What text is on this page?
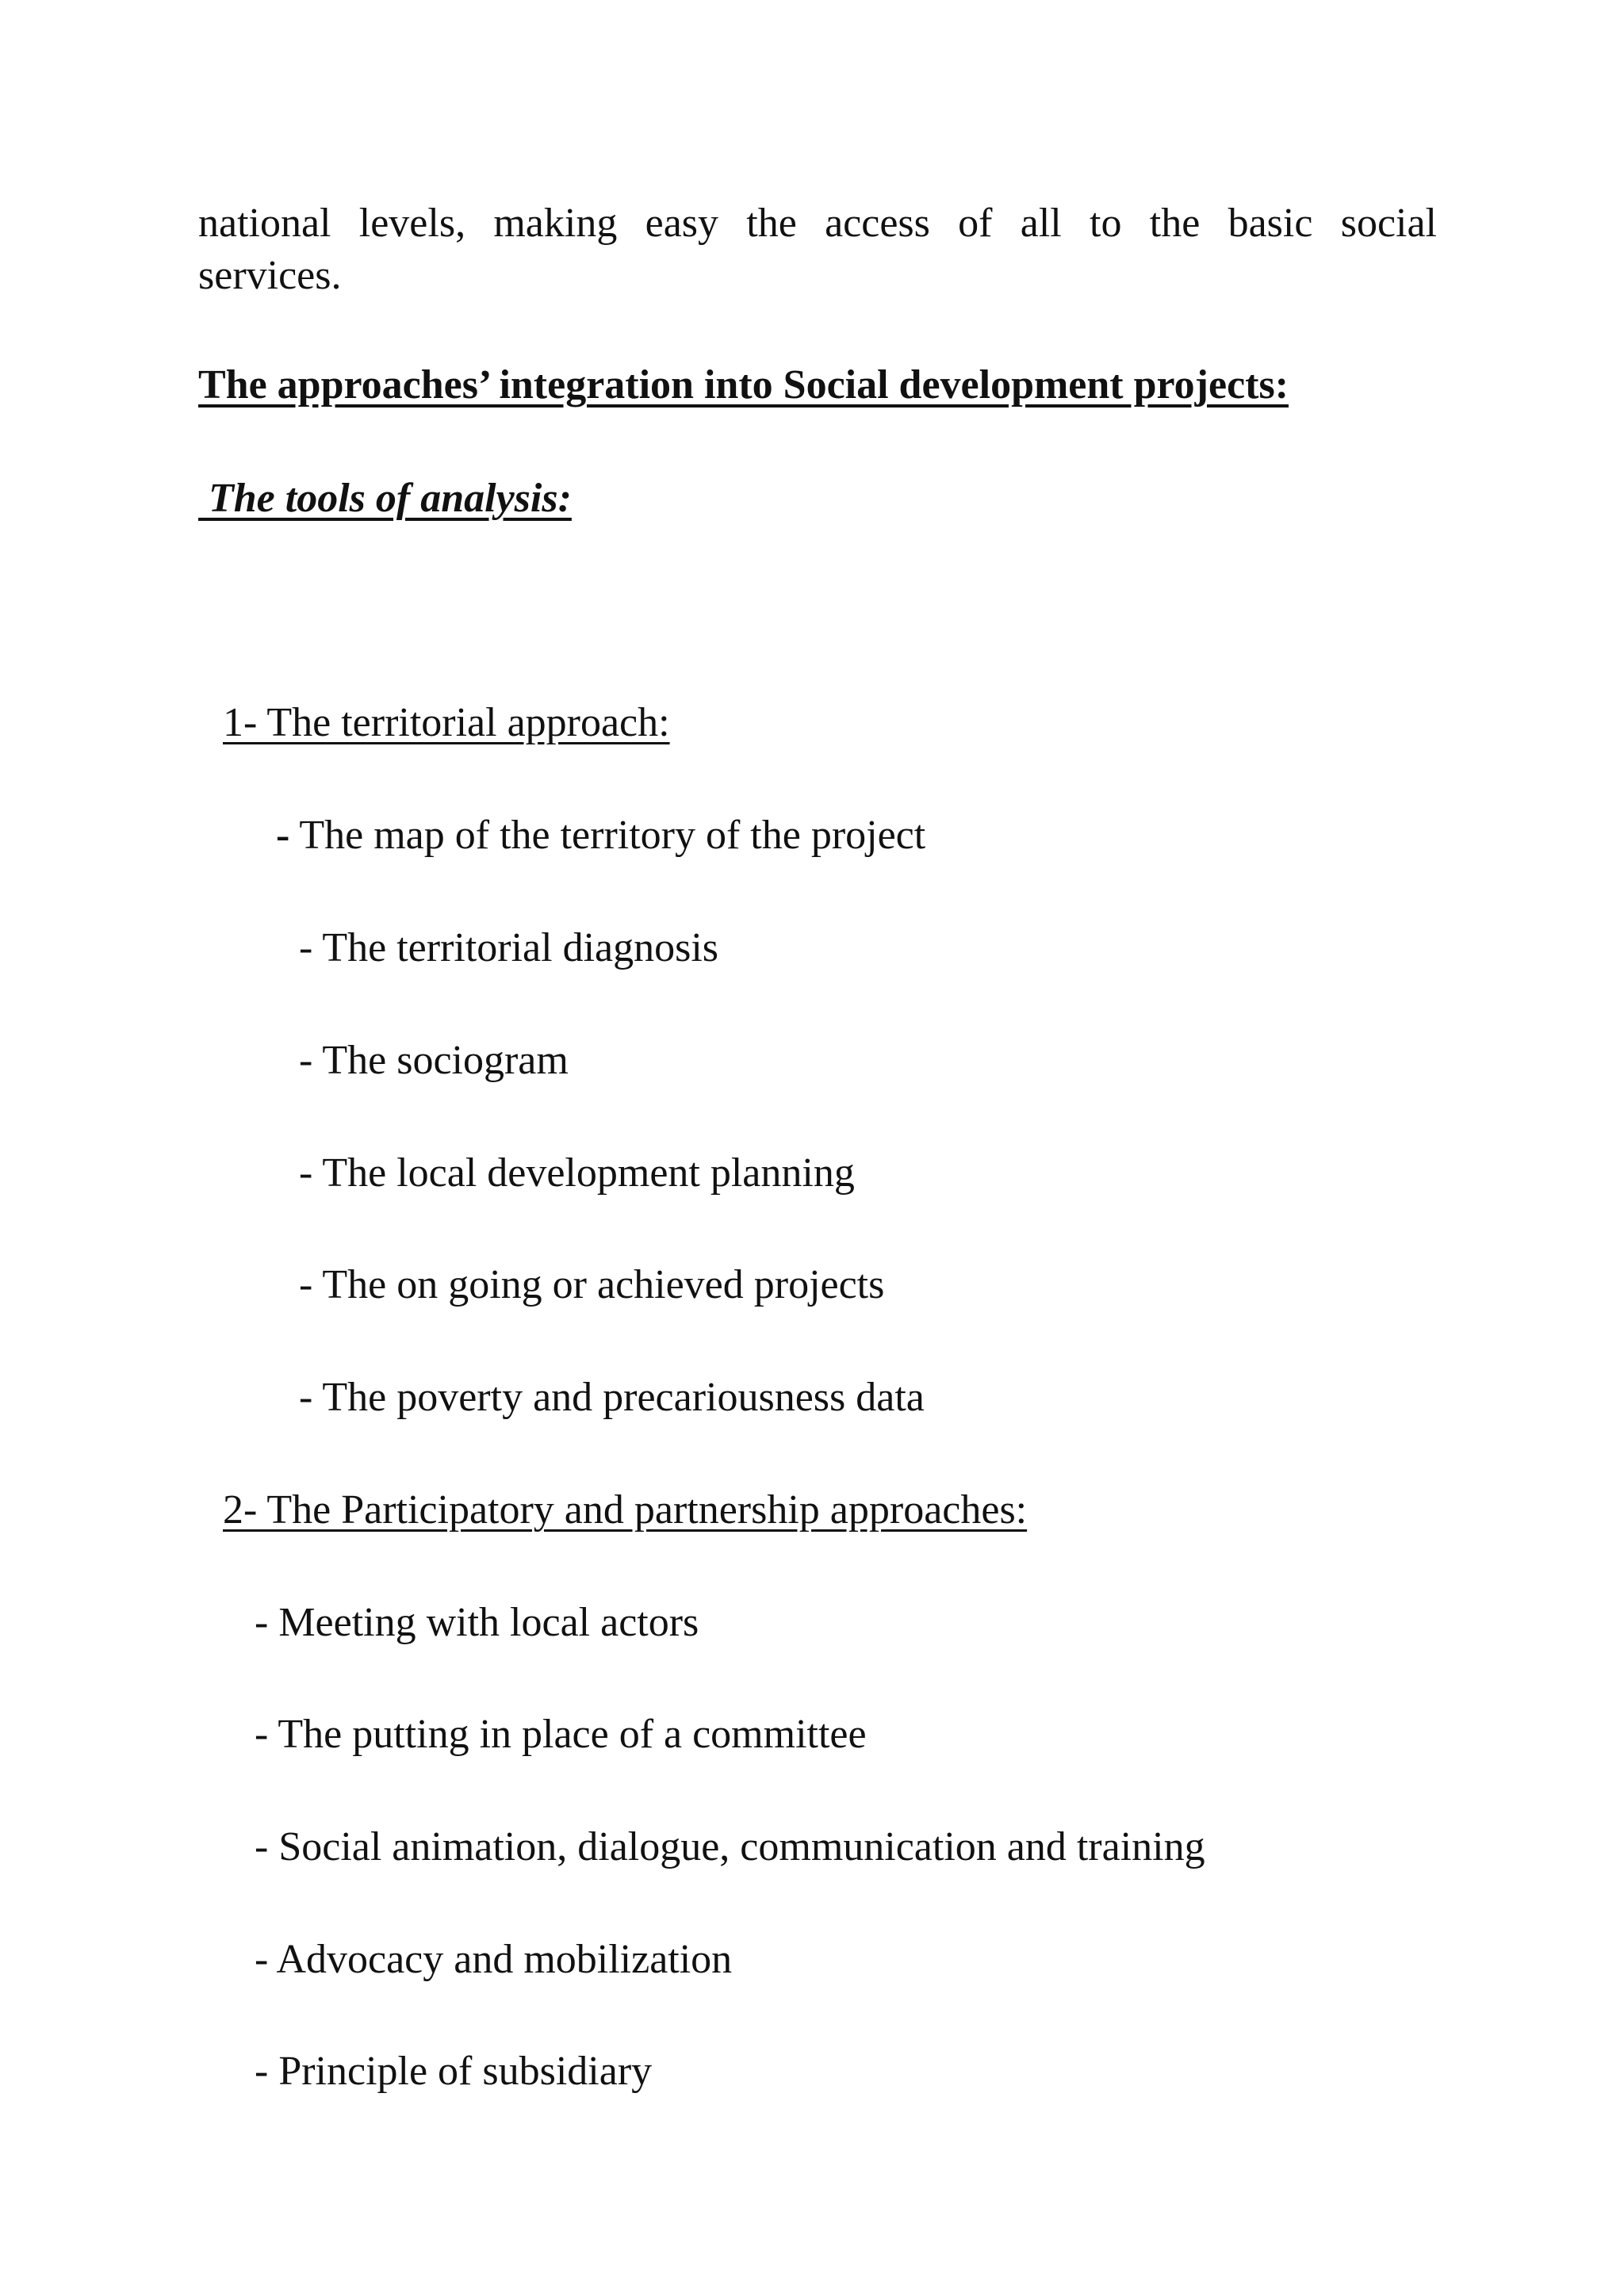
national levels, making easy the access of all to the basic social
services.
The approaches’ integration into Social development projects:
The tools of analysis:
1- The territorial approach:
- The map of the territory of the project
- The territorial diagnosis
- The sociogram
- The local development planning
- The on going or achieved projects
- The poverty and precariousness data
2- The Participatory and partnership approaches:
- Meeting with local actors
- The putting in place of a committee
- Social animation, dialogue, communication and training
- Advocacy and mobilization
- Principle of subsidiary
